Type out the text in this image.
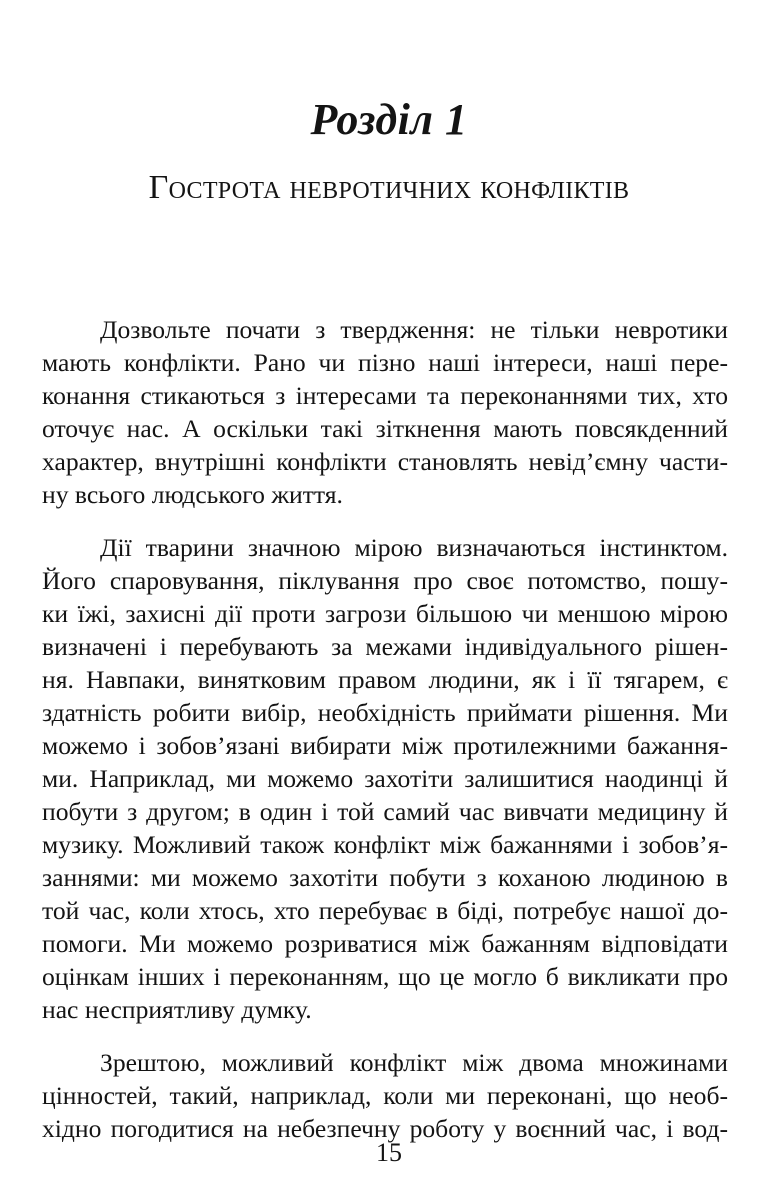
Розділ 1
Гострота невротичних конфліктів
Дозвольте почати з твердження: не тільки невротики
мають конфлікти. Рано чи пізно наші інтереси, наші пере-
конання стикаються з інтересами та переконаннями тих, хто
оточує нас. А оскільки такі зіткнення мають повсякденний
характер, внутрішні конфлікти становлять невід’ємну части-
ну всього людського життя.
Дії тварини значною мірою визначаються інстинктом.
Його спаровування, піклування про своє потомство, пошу-
ки їжі, захисні дії проти загрози більшою чи меншою мірою
визначені і перебувають за межами індивідуального рішен-
ня. Навпаки, винятковим правом людини, як і її тягарем, є
здатність робити вибір, необхідність приймати рішення. Ми
можемо і зобов’язані вибирати між протилежними бажання-
ми. Наприклад, ми можемо захотіти залишитися наодинці й
побути з другом; в один і той самий час вивчати медицину й
музику. Можливий також конфлікт між бажаннями і зобов’я-
заннями: ми можемо захотіти побути з коханою людиною в
той час, коли хтось, хто перебуває в біді, потребує нашої до-
помоги. Ми можемо розриватися між бажанням відповідати
оцінкам інших і переконанням, що це могло б викликати про
нас несприятливу думку.
Зрештою, можливий конфлікт між двома множинами
цінностей, такий, наприклад, коли ми переконані, що необ-
хідно погодитися на небезпечну роботу у воєнний час, і вод-
15
